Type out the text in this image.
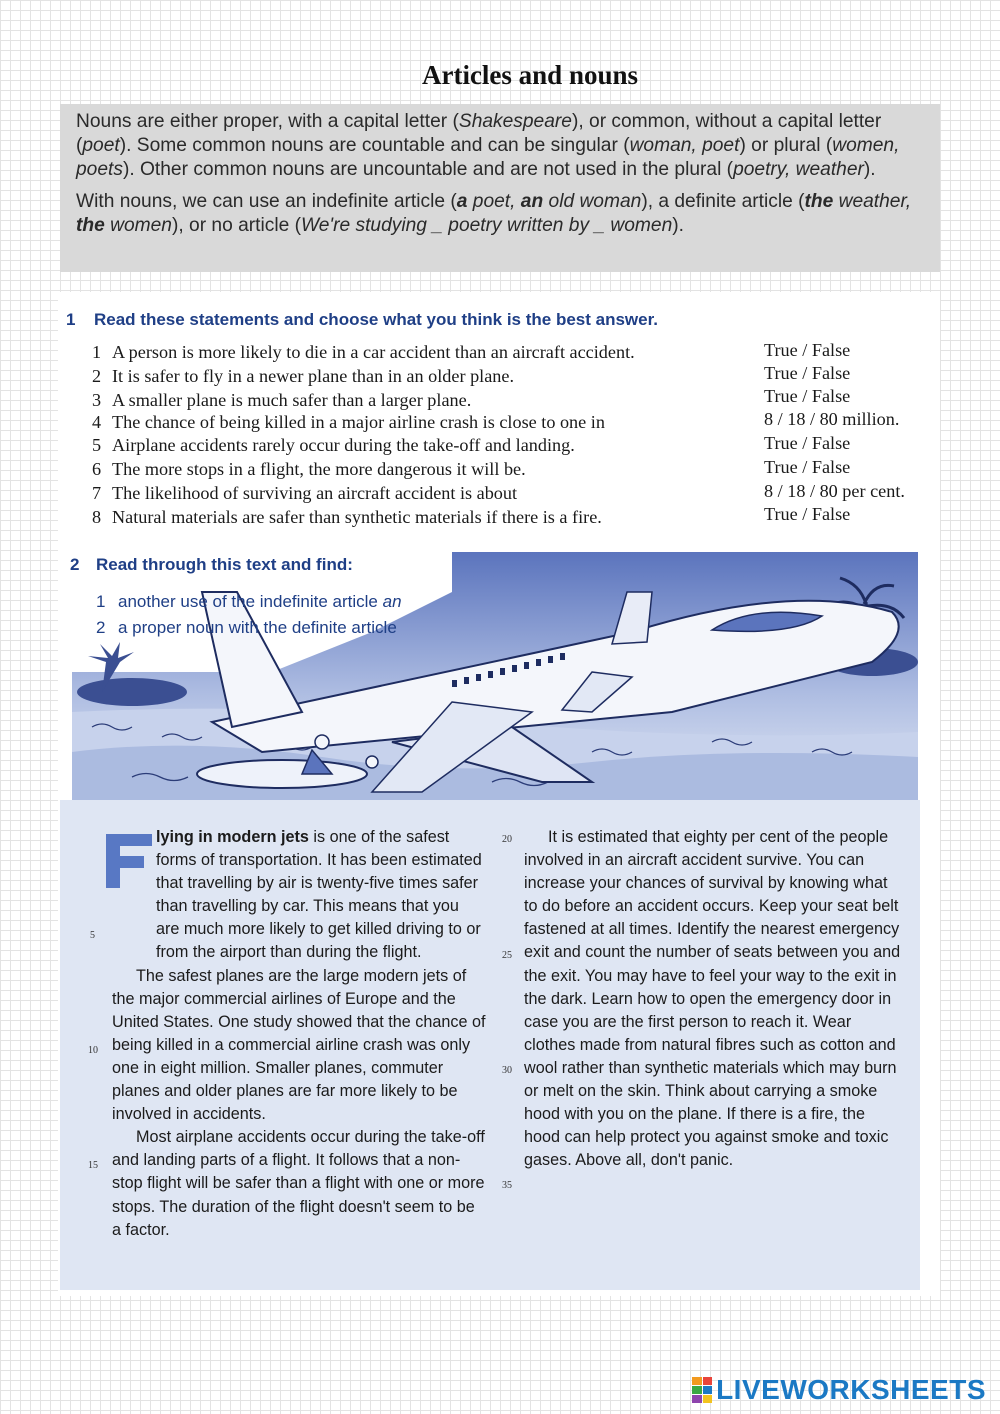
Articles and nouns

Nouns are either proper, with a capital letter (Shakespeare), or common, without a capital letter (poet). Some common nouns are countable and can be singular (woman, poet) or plural (women, poets). Other common nouns are uncountable and are not used in the plural (poetry, weather).

With nouns, we can use an indefinite article (a poet, an old woman), a definite article (the weather, the women), or no article (We're studying _ poetry written by _ women).

1 Read these statements and choose what you think is the best answer.
1 A person is more likely to die in a car accident than an aircraft accident.
2 It is safer to fly in a newer plane than in an older plane.
3 A smaller plane is much safer than a larger plane.
4 The chance of being killed in a major airline crash is close to one in
5 Airplane accidents rarely occur during the take-off and landing.
6 The more stops in a flight, the more dangerous it will be.
7 The likelihood of surviving an aircraft accident is about
8 Natural materials are safer than synthetic materials if there is a fire.
True / False
True / False
True / False
8 / 18 / 80 million.
True / False
True / False
8 / 18 / 80 per cent.
True / False
2 Read through this text and find:
1 another use of the indefinite article an
2 a proper noun with the definite article
F	lying in modern jets is one of the safest forms of transportation. It has been estimated that travelling by air is twenty-five times safer than travelling by car. This means that you are much more likely to get killed driving to or from the airport than during the flight.

The safest planes are the large modern jets of the major commercial airlines of Europe and the United States. One study showed that the chance of being killed in a commercial airline crash was only one in eight million. Smaller planes, commuter planes and older planes are far more likely to be involved in accidents.

Most airplane accidents occur during the take-off and landing parts of a flight. It follows that a non-stop flight will be safer than a flight with one or more stops. The duration of the flight doesn't seem to be a factor.

It is estimated that eighty per cent of the people involved in an aircraft accident survive. You can increase your chances of survival by knowing what to do before an accident occurs. Keep your seat belt fastened at all times. Identify the nearest emergency exit and count the number of seats between you and the exit. You may have to feel your way to the exit in the dark. Learn how to open the emergency door in case you are the first person to reach it. Wear clothes made from natural fibres such as cotton and wool rather than synthetic materials which may burn or melt on the skin. Think about carrying a smoke hood with you on the plane. If there is a fire, the hood can help protect you against smoke and toxic gases. Above all, don't panic.

5
10
15
20
25
30
35
LIVEWORKSHEETS
